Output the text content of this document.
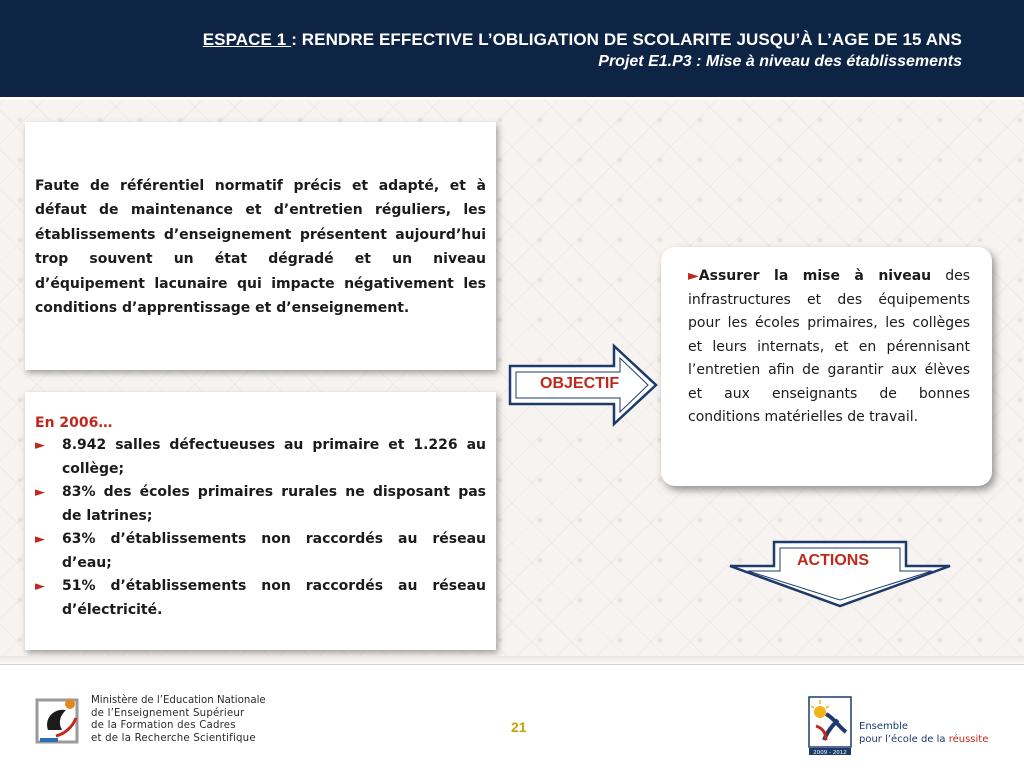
ESPACE 1 : RENDRE EFFECTIVE L’OBLIGATION DE SCOLARITE JUSQU’À L’AGE DE 15 ANS
Projet E1.P3 : Mise à niveau des établissements

Faute de référentiel normatif précis et adapté, et à défaut de maintenance et d’entretien réguliers, les établissements d’enseignement présentent aujourd’hui trop souvent un état dégradé et un niveau d’équipement lacunaire qui impacte négativement les conditions d’apprentissage et d’enseignement.

En 2006…
► 8.942 salles défectueuses au primaire et 1.226 au collège;
► 83% des écoles primaires rurales ne disposant pas de latrines;
► 63% d’établissements non raccordés au réseau d’eau;
► 51% d’établissements non raccordés au réseau d’électricité.
OBJECTIF

►Assurer la mise à niveau des infrastructures et des équipements pour les écoles primaires, les collèges et leurs internats, et en pérennisant l’entretien afin de garantir aux élèves et aux enseignants de bonnes conditions matérielles de travail.

ACTIONS
Ministère de l’Education Nationale
de l’Enseignement Supérieur
de la Formation des Cadres
et de la Recherche Scientifique
21
2009 - 2012
Ensemble
pour l’école de la réussite
